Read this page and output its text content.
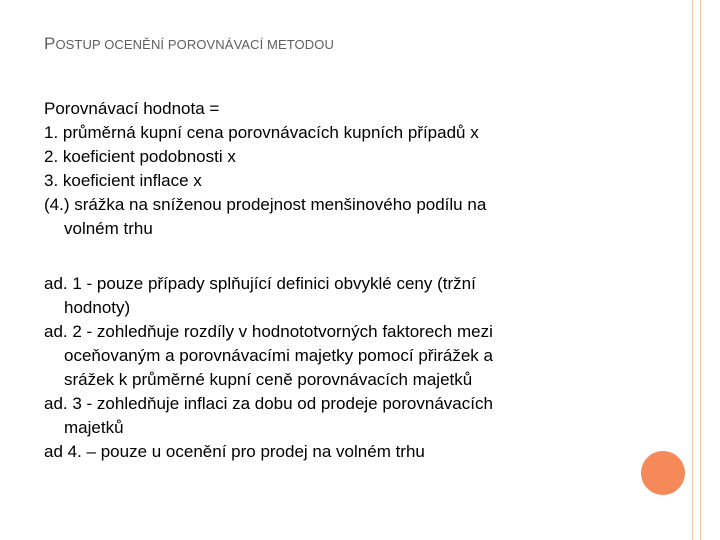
POSTUP OCENĚNÍ POROVNÁVACÍ METODOU
Porovnávací hodnota =
1. průměrná kupní cena porovnávacích kupních případů x
2. koeficient podobnosti x
3. koeficient inflace x
(4.) srážka na sníženou prodejnost menšinového podílu na
volném trhu
ad. 1 - pouze případy splňující definici obvyklé ceny (tržní
hodnoty)
ad. 2 - zohledňuje rozdíly v hodnototvorných faktorech mezi
oceňovaným a porovnávacími majetky pomocí přirážek a
srážek k průměrné kupní ceně porovnávacích majetků
ad. 3 - zohledňuje inflaci za dobu od prodeje porovnávacích
majetků
ad 4. – pouze u ocenění pro prodej na volném trhu
